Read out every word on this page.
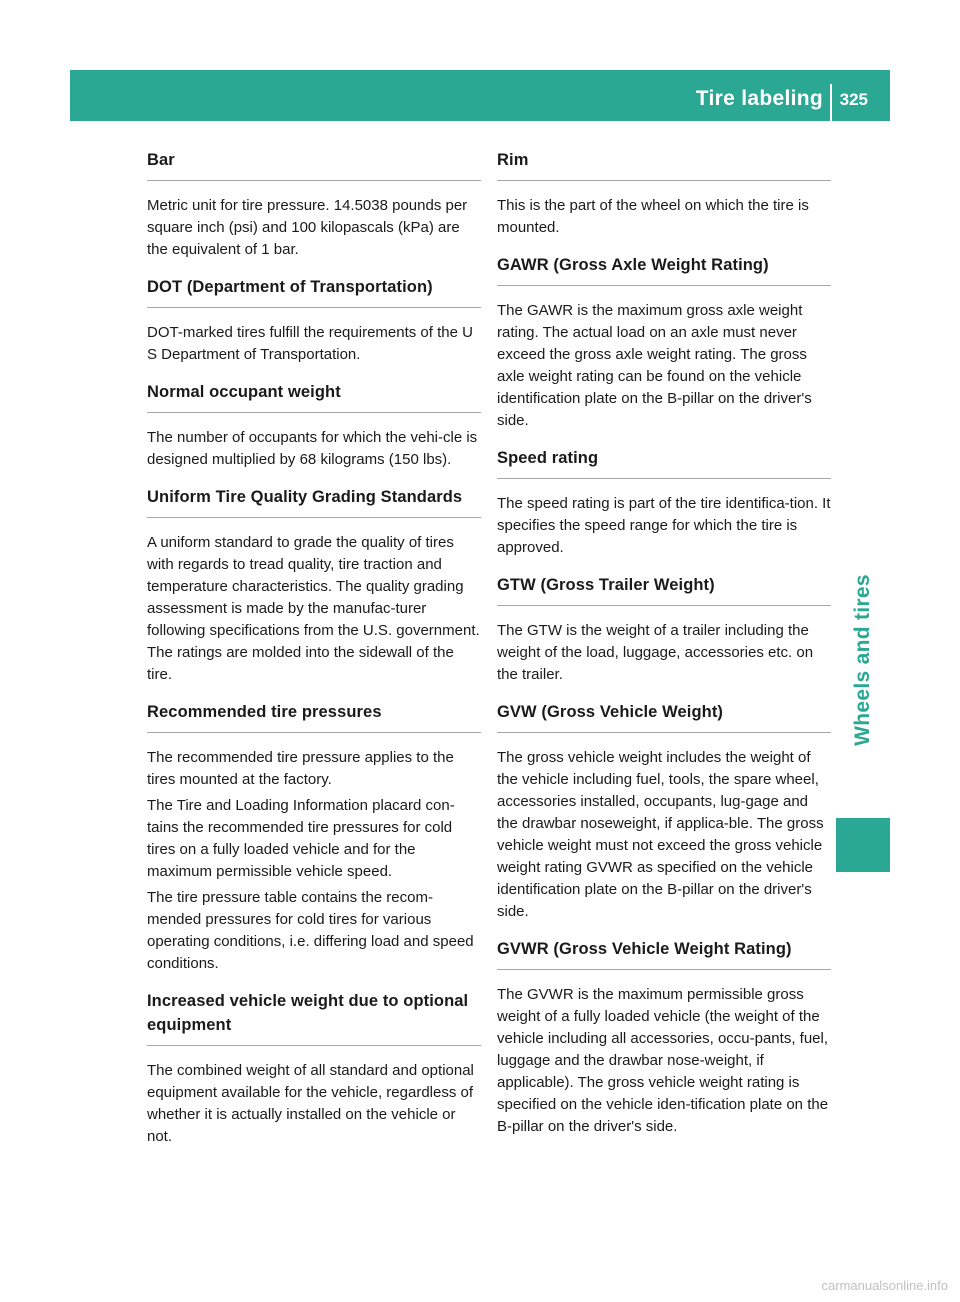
Tire labeling 325
Wheels and tires
Bar

Metric unit for tire pressure. 14.5038 pounds per square inch (psi) and 100 kilopascals (kPa) are the equivalent of 1 bar.

DOT (Department of Transportation)

DOT-marked tires fulfill the requirements of the U S Department of Transportation.

Normal occupant weight

The number of occupants for which the vehi-cle is designed multiplied by 68 kilograms (150 lbs).

Uniform Tire Quality Grading Standards

A uniform standard to grade the quality of tires with regards to tread quality, tire traction and temperature characteristics. The quality grading assessment is made by the manufac-turer following specifications from the U.S. government. The ratings are molded into the sidewall of the tire.

Recommended tire pressures

The recommended tire pressure applies to the tires mounted at the factory.

The Tire and Loading Information placard con-tains the recommended tire pressures for cold tires on a fully loaded vehicle and for the maximum permissible vehicle speed.

The tire pressure table contains the recom-mended pressures for cold tires for various operating conditions, i.e. differing load and speed conditions.

Increased vehicle weight due to optional equipment

The combined weight of all standard and optional equipment available for the vehicle, regardless of whether it is actually installed on the vehicle or not.

Rim

This is the part of the wheel on which the tire is mounted.

GAWR (Gross Axle Weight Rating)

The GAWR is the maximum gross axle weight rating. The actual load on an axle must never exceed the gross axle weight rating. The gross axle weight rating can be found on the vehicle identification plate on the B-pillar on the driver's side.

Speed rating

The speed rating is part of the tire identifica-tion. It specifies the speed range for which the tire is approved.

GTW (Gross Trailer Weight)

The GTW is the weight of a trailer including the weight of the load, luggage, accessories etc. on the trailer.

GVW (Gross Vehicle Weight)

The gross vehicle weight includes the weight of the vehicle including fuel, tools, the spare wheel, accessories installed, occupants, lug-gage and the drawbar noseweight, if applica-ble. The gross vehicle weight must not exceed the gross vehicle weight rating GVWR as specified on the vehicle identification plate on the B-pillar on the driver's side.

GVWR (Gross Vehicle Weight Rating)

The GVWR is the maximum permissible gross weight of a fully loaded vehicle (the weight of the vehicle including all accessories, occu-pants, fuel, luggage and the drawbar nose-weight, if applicable). The gross vehicle weight rating is specified on the vehicle iden-tification plate on the B-pillar on the driver's side.

carmanualsonline.info
